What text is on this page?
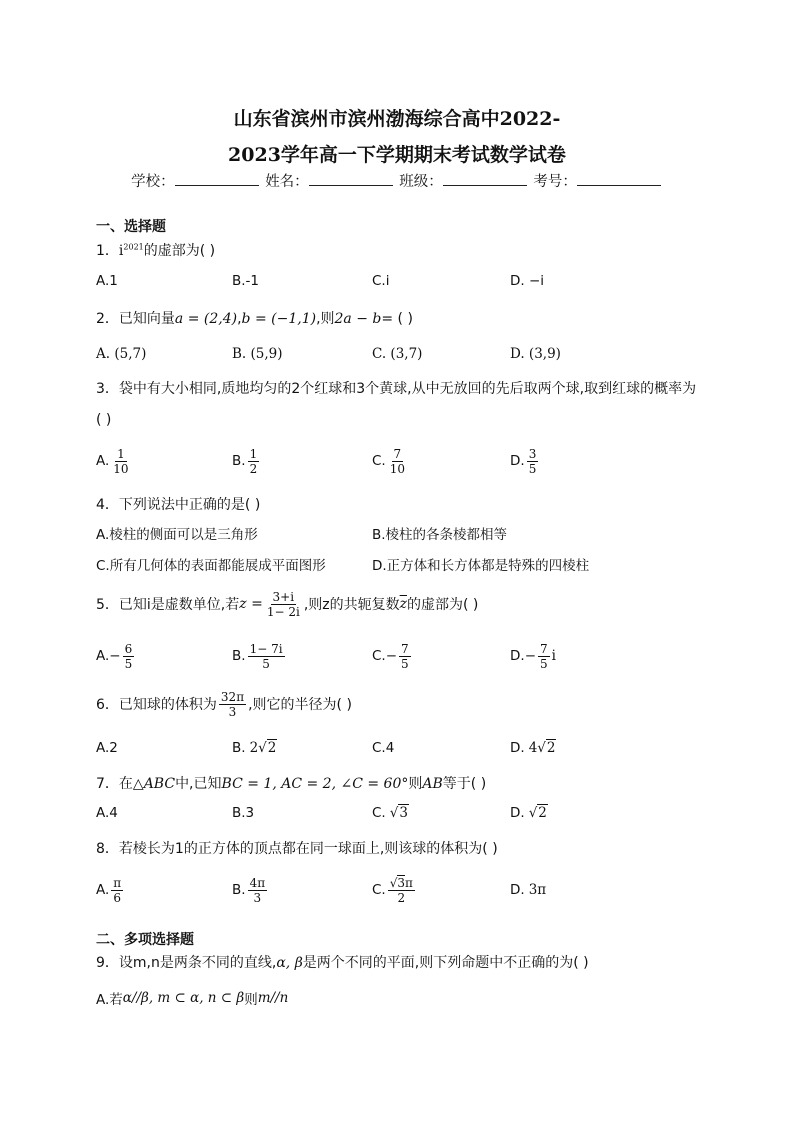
山东省滨州市滨州渤海综合高中2022-
2023学年高一下学期期末考试数学试卷
学校：	姓名：	班级：	考号：
一、选择题
1．$i^{2021}$的虚部为( )
A.1	B.-1	C.i	D. −i
2．已知向量a = (2,4),b = (−1,1),则2a − b= ( )
A. (5,7)	B. (5,9)	C. (3,7)	D. (3,9)
3．袋中有大小相同,质地均匀的2个红球和3个黄球,从中无放回的先后取两个球,取到红球的概率为( )
A. $\frac{1}{10}$	B. $\frac{1}{2}$	C. $\frac{7}{10}$	D. $\frac{3}{5}$
4．下列说法中正确的是( )
A.棱柱的侧面可以是三角形	B.棱柱的各条棱都相等
C.所有几何体的表面都能展成平面图形	D.正方体和长方体都是特殊的四棱柱
5． 已知i是虚数单位,若 $z = \frac{3+i}{1- 2i}$ ,则z的共轭复数 $\overline{z}$ 的虚部为( )
A. − $\frac{6}{5}$	B. $\frac{1- 7i}{5}$	C. − $\frac{7}{5}$	D. − $\frac{7}{5}$ i
6． 已知球的体积为 $\frac{32\pi}{3}$ ,则它的半径为( )
A.2	B. 2√2	C.4	D. 4√2
7．在△ABC中,已知BC = 1, AC = 2, ∠C = 60°则AB等于( )
A.4	B.3	C. √3	D. √2
8．若棱长为1的正方体的顶点都在同一球面上,则该球的体积为( )
A. $\frac{\pi}{6}$	B. $\frac{4\pi}{3}$	C. $\frac{√3\pi}{2}$	D. 3π
二、多项选择题
9．设m,n是两条不同的直线,α, β是两个不同的平面,则下列命题中不正确的为( )
A.若 α//β, m ⊂ α, n ⊂ β 则 m//n
